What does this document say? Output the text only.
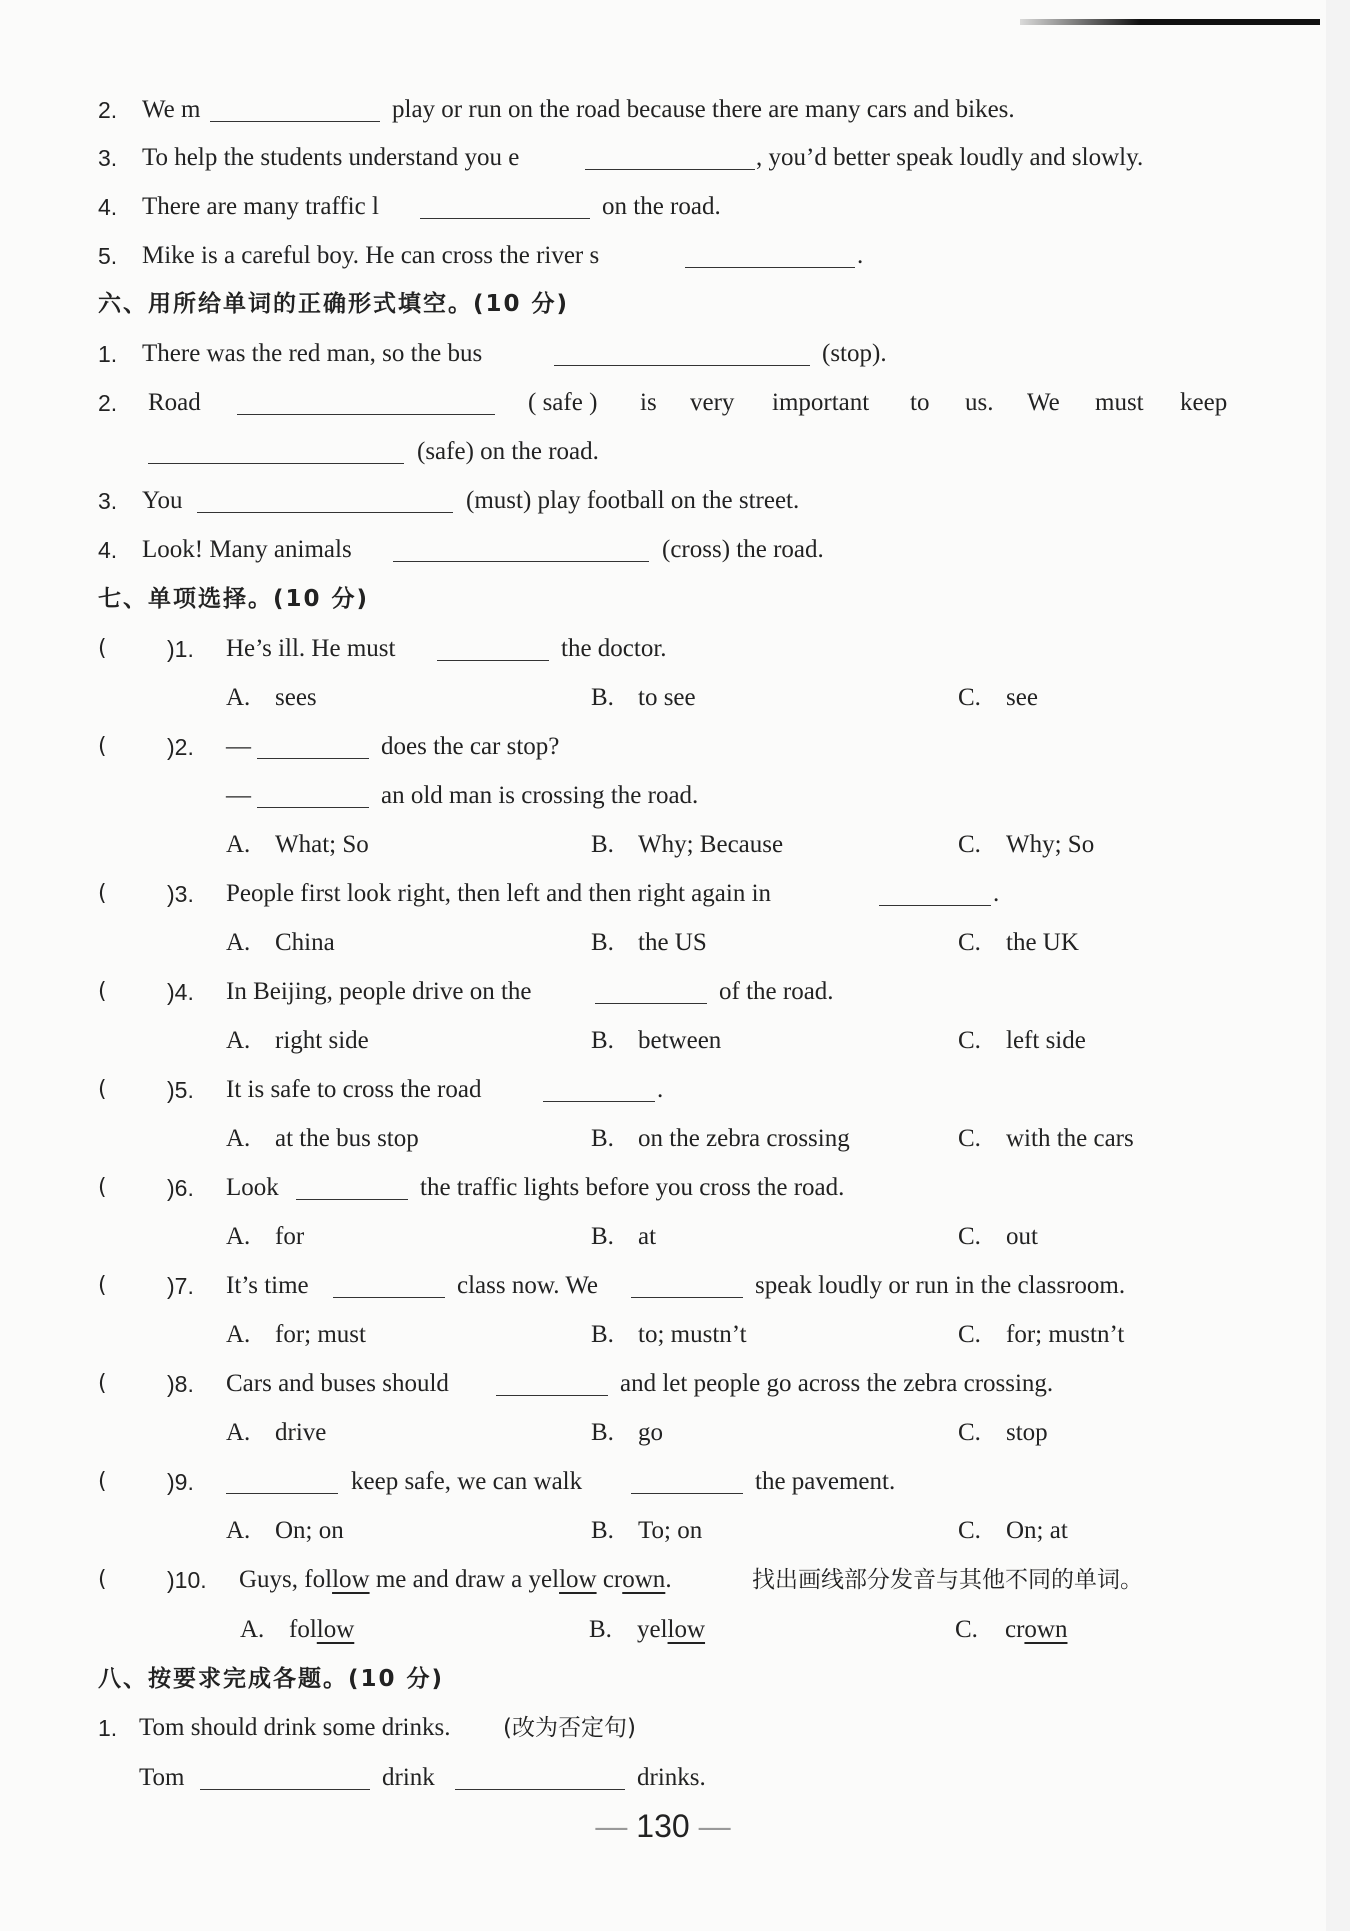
2. We m	play or run on the road because there are many cars and bikes.
3. To help the students understand you e	, you’d better speak loudly and slowly.
4. There are many traffic l	on the road.
5. Mike is a careful boy. He can cross the river s	.
六、用所给单词的正确形式填空。(10 分)
1. There was the red man, so the bus	(stop).
2. Road	( safe ) is very important to us. We must keep
(safe) on the road.
3. You	(must) play football on the street.
4. Look! Many animals	(cross) the road.
七、单项选择。(10 分)
(	)1. He’s ill. He must	the doctor.
A. sees	B. to see	C. see
(	)2. —	does the car stop?
—	an old man is crossing the road.
A. What; So	B. Why; Because	C. Why; So
(	)3. People first look right, then left and then right again in	.
A. China	B. the US	C. the UK
(	)4. In Beijing, people drive on the	of the road.
A. right side	B. between	C. left side
(	)5. It is safe to cross the road	.
A. at the bus stop	B. on the zebra crossing	C. with the cars
(	)6. Look	the traffic lights before you cross the road.
A. for	B. at	C. out
(	)7. It’s time	class now. We	speak loudly or run in the classroom.
A. for; must	B. to; mustn’t	C. for; mustn’t
(	)8. Cars and buses should	and let people go across the zebra crossing.
A. drive	B. go	C. stop
(	)9.	keep safe, we can walk	the pavement.
A. On; on	B. To; on	C. On; at
(	)10. Guys, follow me and draw a yellow crown.	找出画线部分发音与其他不同的单词。
A. follow	B. yellow	C. crown
八、按要求完成各题。(10 分)
1. Tom should drink some drinks. (改为否定句)
Tom	drink	drinks.
— 130 —
